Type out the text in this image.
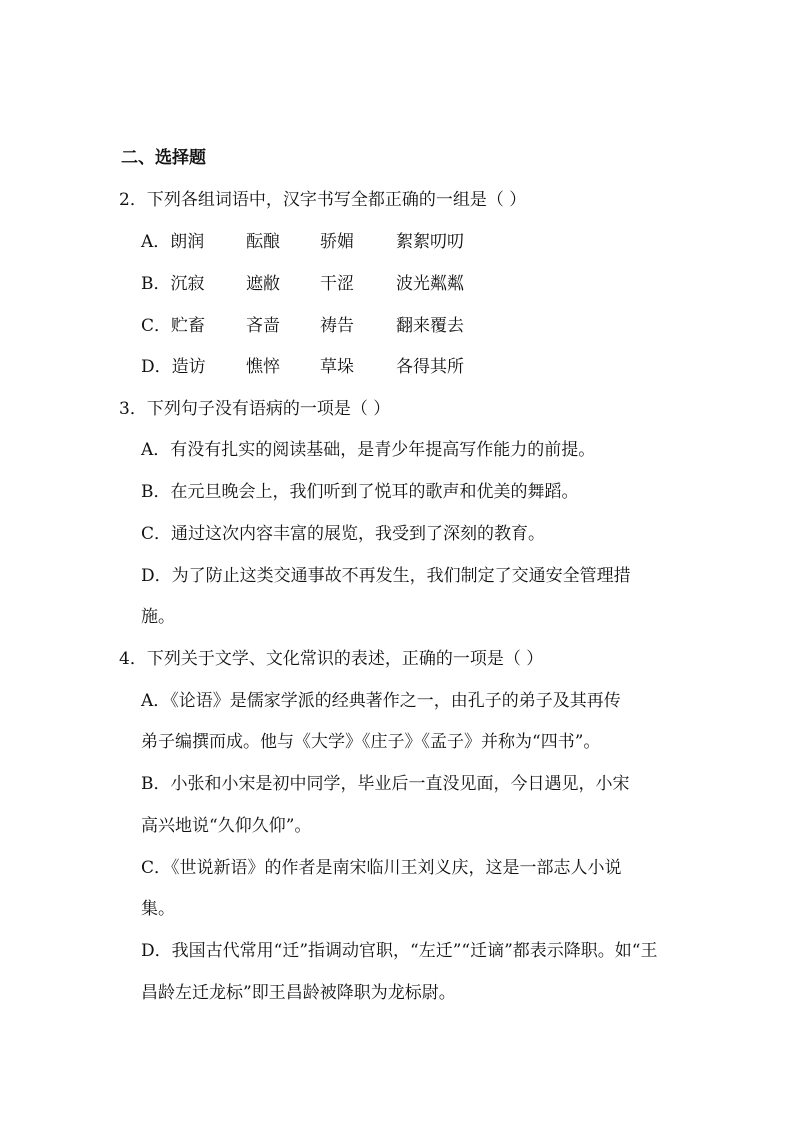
二、选择题
2．下列各组词语中，汉字书写全都正确的一组是（ ）
A．朗润 酝酿 骄媚 絮絮叨叨
B．沉寂 遮敝 干涩 波光粼粼
C．贮畜 吝啬 祷告 翻来覆去
D．造访 憔悴 草垛 各得其所
3．下列句子没有语病的一项是（ ）
A．有没有扎实的阅读基础，是青少年提高写作能力的前提。
B．在元旦晚会上，我们听到了悦耳的歌声和优美的舞蹈。
C．通过这次内容丰富的展览，我受到了深刻的教育。
D．为了防止这类交通事故不再发生，我们制定了交通安全管理措
施。
4．下列关于文学、文化常识的表述，正确的一项是（ ）
A．《论语》是儒家学派的经典著作之一，由孔子的弟子及其再传
弟子编撰而成。他与《大学》《庄子》《孟子》并称为“四书”。
B．小张和小宋是初中同学，毕业后一直没见面，今日遇见，小宋
高兴地说“久仰久仰”。
C．《世说新语》的作者是南宋临川王刘义庆，这是一部志人小说
集。
D．我国古代常用“迁”指调动官职，“左迁”“迁谪”都表示降职。如“王
昌龄左迁龙标”即王昌龄被降职为龙标尉。
